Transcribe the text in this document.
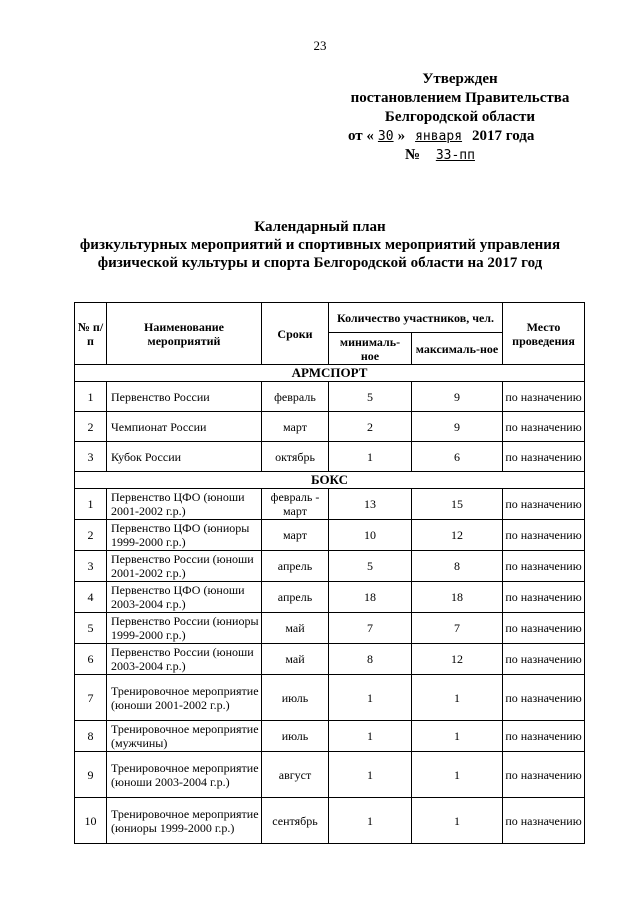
23
Утвержден
постановлением Правительства
Белгородской области
от « 30 » января 2017 года
№ 33-пп
Календарный план
физкультурных мероприятий и спортивных мероприятий управления
физической культуры и спорта Белгородской области на 2017 год
№ п/п	Наименование мероприятий	Сроки	Количество участников, чел.		Место проведения
			минималь-ное	максималь-ное	
АРМСПОРТ					
1	Первенство России	февраль	5	9	по назначению
2	Чемпионат России	март	2	9	по назначению
3	Кубок России	октябрь	1	6	по назначению
БОКС					
1	Первенство ЦФО (юноши 2001-2002 г.р.)	февраль - март	13	15	по назначению
2	Первенство ЦФО (юниоры 1999-2000 г.р.)	март	10	12	по назначению
3	Первенство России (юноши 2001-2002 г.р.)	апрель	5	8	по назначению
4	Первенство ЦФО (юноши 2003-2004 г.р.)	апрель	18	18	по назначению
5	Первенство России (юниоры 1999-2000 г.р.)	май	7	7	по назначению
6	Первенство России (юноши 2003-2004 г.р.)	май	8	12	по назначению
7	Тренировочное мероприятие (юноши 2001-2002 г.р.)	июль	1	1	по назначению
8	Тренировочное мероприятие (мужчины)	июль	1	1	по назначению
9	Тренировочное мероприятие (юноши 2003-2004 г.р.)	август	1	1	по назначению
10	Тренировочное мероприятие (юниоры 1999-2000 г.р.)	сентябрь	1	1	по назначению
